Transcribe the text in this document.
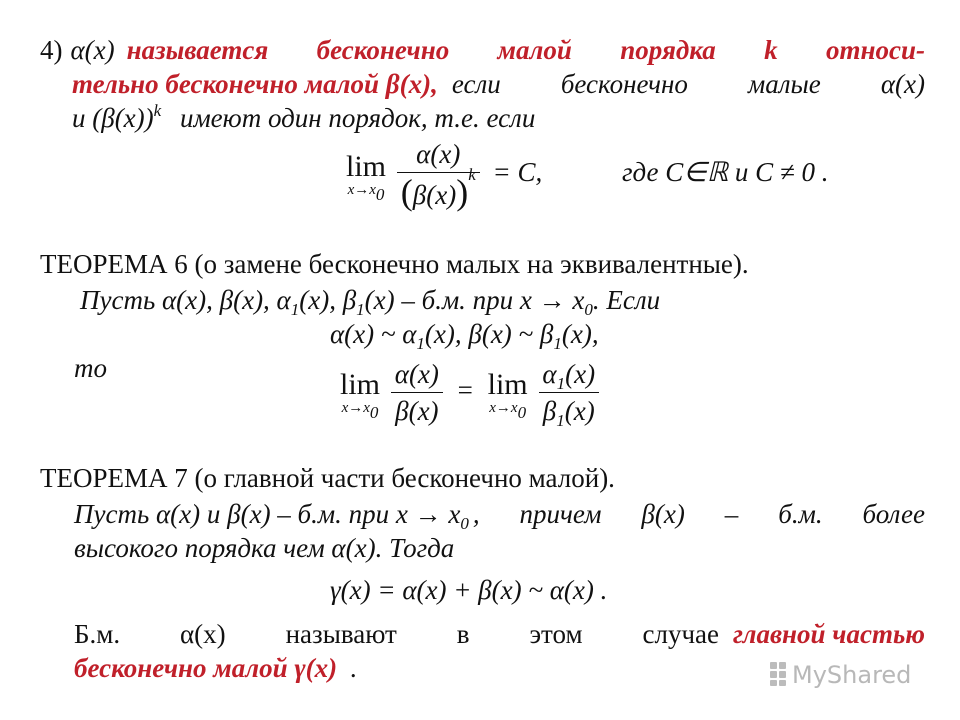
4) α(x) называется бесконечно малой порядка k относи-
тельно бесконечно малой β(x), если бесконечно малые α(x)
и $(\beta(x))^k$ имеют один порядок, т.е. если
lim
$x\to x_0$
$\frac{\alpha(x)}{(\beta(x))^k} = C$,	где C∈ℝ и C ≠ 0 .
ТЕОРЕМА 6 (о замене бесконечно малых на эквивалентные).
Пусть α(x), β(x), $\alpha_1(x)$, $\beta_1(x) - б.м$. при $x \to x_0$. Если
α(x) ~ $\alpha_1(x)$, β(x) ~ $\beta_1(x)$,
то	lim
$x\to x_0$
$\frac{\alpha(x)}{\beta(x)} = \lim$
$x\to x_0$
$\frac{\alpha_1(x)}{\beta_1(x)}$
ТЕОРЕМА 7 (о главной части бесконечно малой).
Пусть α(x) и β(x) – б.м. при $x \to x_0$ , причем β(x) – б.м. более
высокого порядка чем α(x). Тогда
γ(x) = α(x) + β(x) ~ α(x) .
Б.м. α(x) называют в этом случае главной частью
бесконечно малой γ(x) .	MyShared
